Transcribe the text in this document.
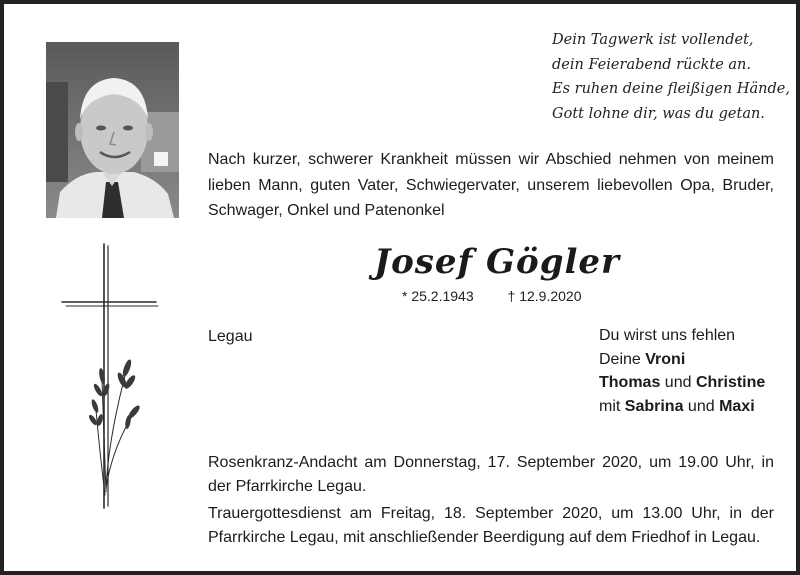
Dein Tagwerk ist vollendet,
dein Feierabend rückte an.
Es ruhen deine fleißigen Hände,
Gott lohne dir, was du getan.
Nach kurzer, schwerer Krankheit müssen wir Abschied nehmen von meinem lieben Mann, guten Vater, Schwiegervater, unserem liebevollen Opa, Bruder, Schwager, Onkel und Patenonkel
Josef Gögler
* 25.2.1943 † 12.9.2020
Legau	Du wirst uns fehlen
Deine Vroni
Thomas und Christine
mit Sabrina und Maxi

Rosenkranz-Andacht am Donnerstag, 17. September 2020, um 19.00 Uhr, in der Pfarrkirche Legau.

Trauergottesdienst am Freitag, 18. September 2020, um 13.00 Uhr, in der Pfarrkirche Legau, mit anschließender Beerdigung auf dem Friedhof in Legau.
